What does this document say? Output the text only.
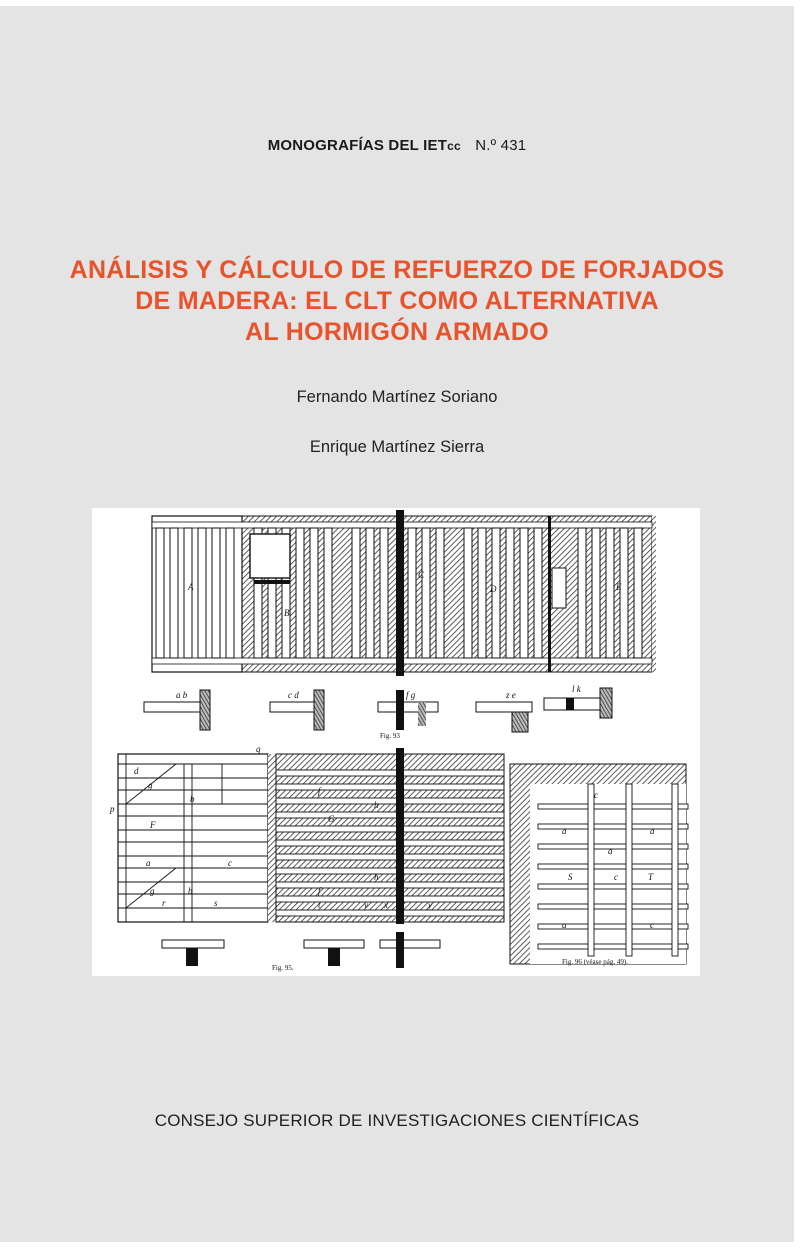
MONOGRAFÍAS DEL IETcc N.º 431
ANÁLISIS Y CÁLCULO DE REFUERZO DE FORJADOS
DE MADERA: EL CLT COMO ALTERNATIVA
AL HORMIGÓN ARMADO
Fernando Martínez Soriano
Enrique Martínez Sierra
A
B
C
D	E
a b	c d	f g
Fig. 93
z e
l k
d
g
b
F
a	c
g	b
r	s
p
q
f
h
G
h
f
t	v x	y
Fig. 95.
c
a	a
a
S	c	T
a	c
Fig. 96 (véase pág. 49).
CONSEJO SUPERIOR DE INVESTIGACIONES CIENTÍFICAS
